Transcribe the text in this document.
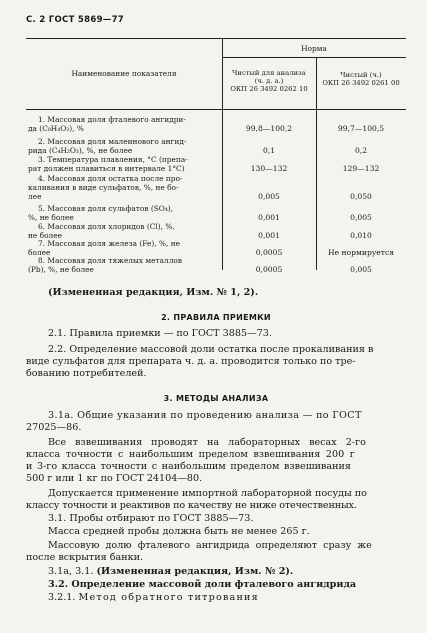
С. 2 ГОСТ 5869—77
Норма
Наименование показателя	Чистый для анализа
(ч. д. а.)
ОКП 26 3492 0262 10
Чистый (ч.)
ОКП 26 3492 0261 00
1. Массовая доля фталевого ангидри-
да (C₈H₄O₃), %	99,8—100,2	99,7—100,5
2. Массовая доля малеинового ангид-
рида (C₄H₂O₃), %, не более	0,1	0,2
3. Температура плавления, °С (препа-
рат должен плавиться в интервале 1°С)	130—132	129—132
4. Массовая доля остатка после про-
каливания в виде сульфатов, %, не бо-
лее	0,005	0,050
5. Массовая доля сульфатов (SO₄),
%, не более	0,001	0,005
6. Массовая доля хлоридов (Cl), %,
не более	0,001	0,010
7. Массовая доля железа (Fe), %, не
более	0,0005	Не нормируется
8. Массовая доля тяжелых металлов
(Pb), %, не более	0,0005	0,005
(Измененная редакция, Изм. № 1, 2).
2. ПРАВИЛА ПРИЕМКИ
2.1. Правила приемки — по ГОСТ 3885—73.
2.2. Определение массовой доли остатка после прокаливания в
виде сульфатов для препарата ч. д. а. проводится только по тре-
бованию потребителей.
3. МЕТОДЫ АНАЛИЗА
3.1а. Общие указания по проведению анализа — по ГОСТ
27025—86.
Все взвешивания проводят на лабораторных весах 2-го
класса точности с наибольшим пределом взвешивания 200 г
и 3-го класса точности с наибольшим пределом взвешивания
500 г или 1 кг по ГОСТ 24104—80.
Допускается применение импортной лабораторной посуды по
классу точности и реактивов по качеству не ниже отечественных.
3.1. Пробы отбирают по ГОСТ 3885—73.
Масса средней пробы должна быть не менее 265 г.
Массовую долю фталевого ангидрида определяют сразу же
после вскрытия банки.
3.1а, 3.1. (Измененная редакция, Изм. № 2).
3.2. Определение массовой доли фталевого ангидрида
3.2.1. Метод обратного титрования
